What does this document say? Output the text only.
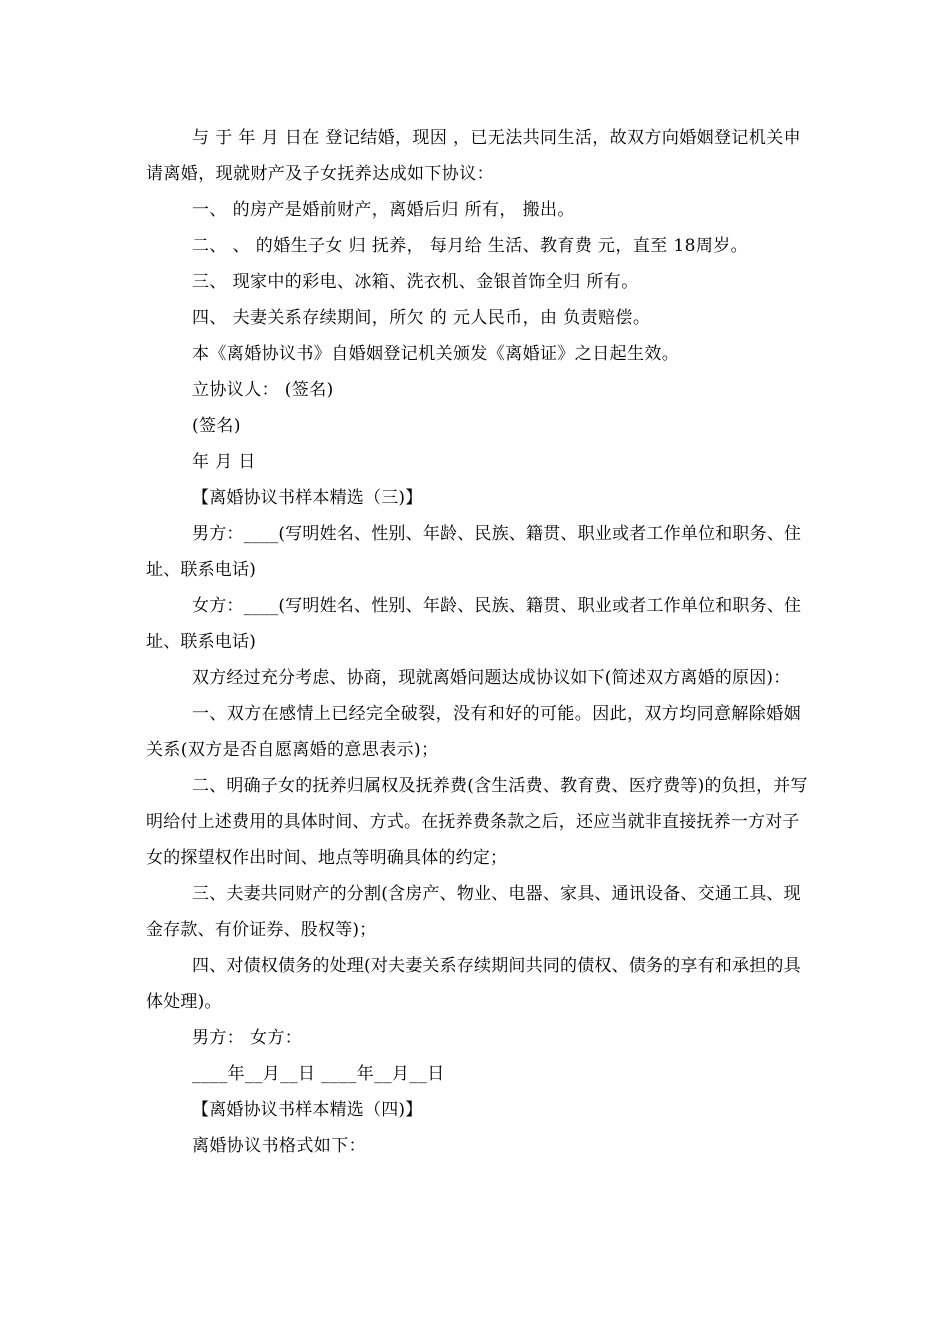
与 于 年 月 日在 登记结婚，现因 ，已无法共同生活，故双方向婚姻登记机关申请离婚，现就财产及子女抚养达成如下协议：

一、 的房产是婚前财产，离婚后归 所有， 搬出。

二、 、 的婚生子女 归 抚养， 每月给 生活、教育费 元，直至 18周岁。

三、 现家中的彩电、冰箱、洗衣机、金银首饰全归 所有。

四、 夫妻关系存续期间，所欠 的 元人民币，由 负责赔偿。

本《离婚协议书》自婚姻登记机关颁发《离婚证》之日起生效。

立协议人： (签名)

(签名)

年 月 日

【离婚协议书样本精选（三)】

男方：____(写明姓名、性别、年龄、民族、籍贯、职业或者工作单位和职务、住址、联系电话)

女方：____(写明姓名、性别、年龄、民族、籍贯、职业或者工作单位和职务、住址、联系电话)

双方经过充分考虑、协商，现就离婚问题达成协议如下(简述双方离婚的原因)：

一、双方在感情上已经完全破裂，没有和好的可能。因此，双方均同意解除婚姻关系(双方是否自愿离婚的意思表示)；

二、明确子女的抚养归属权及抚养费(含生活费、教育费、医疗费等)的负担，并写明给付上述费用的具体时间、方式。在抚养费条款之后，还应当就非直接抚养一方对子女的探望权作出时间、地点等明确具体的约定；

三、夫妻共同财产的分割(含房产、物业、电器、家具、通讯设备、交通工具、现金存款、有价证券、股权等)；

四、对债权债务的处理(对夫妻关系存续期间共同的债权、债务的享有和承担的具体处理)。

男方： 女方：

____年__月__日 ____年__月__日

【离婚协议书样本精选（四)】

离婚协议书格式如下：
